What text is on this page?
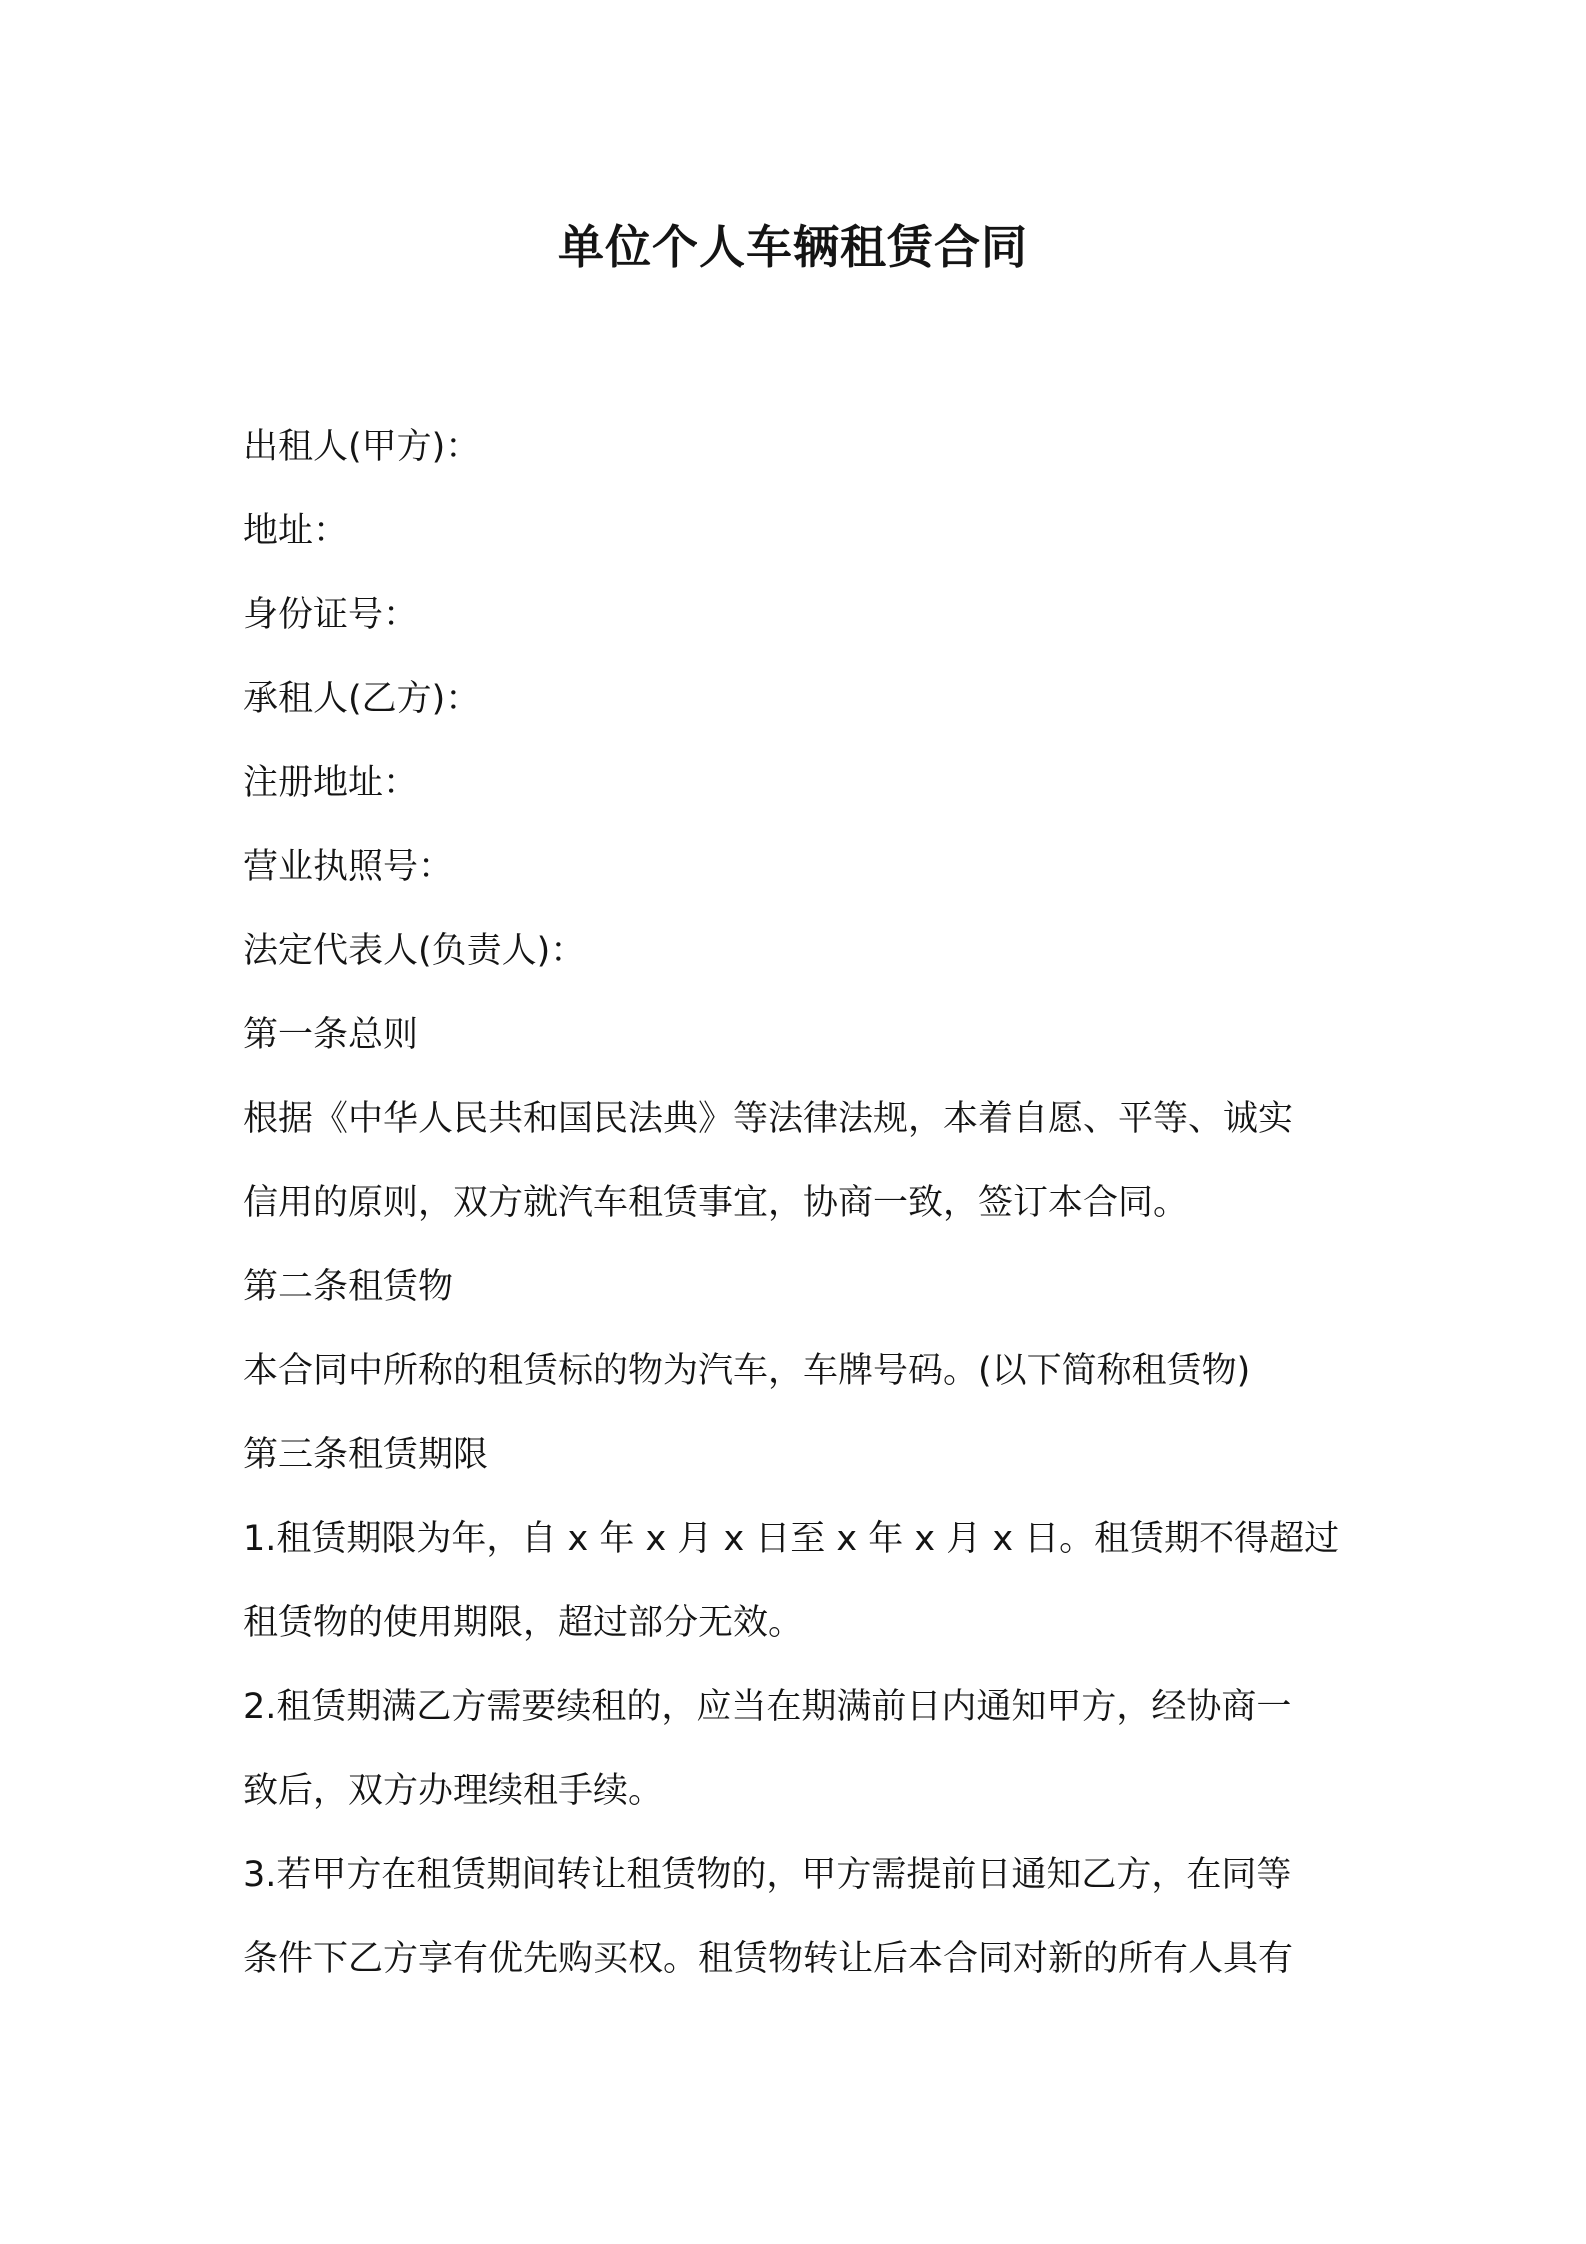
单位个人车辆租赁合同
出租人(甲方)：
地址：
身份证号：
承租人(乙方)：
注册地址：
营业执照号：
法定代表人(负责人)：
第一条总则
根据《中华人民共和国民法典》等法律法规，本着自愿、平等、诚实
信用的原则，双方就汽车租赁事宜，协商一致，签订本合同。
第二条租赁物
本合同中所称的租赁标的物为汽车，车牌号码。(以下简称租赁物)
第三条租赁期限
1.租赁期限为年，自 x 年 x 月 x 日至 x 年 x 月 x 日。租赁期不得超过
租赁物的使用期限，超过部分无效。
2.租赁期满乙方需要续租的，应当在期满前日内通知甲方，经协商一
致后，双方办理续租手续。
3.若甲方在租赁期间转让租赁物的，甲方需提前日通知乙方，在同等
条件下乙方享有优先购买权。租赁物转让后本合同对新的所有人具有
